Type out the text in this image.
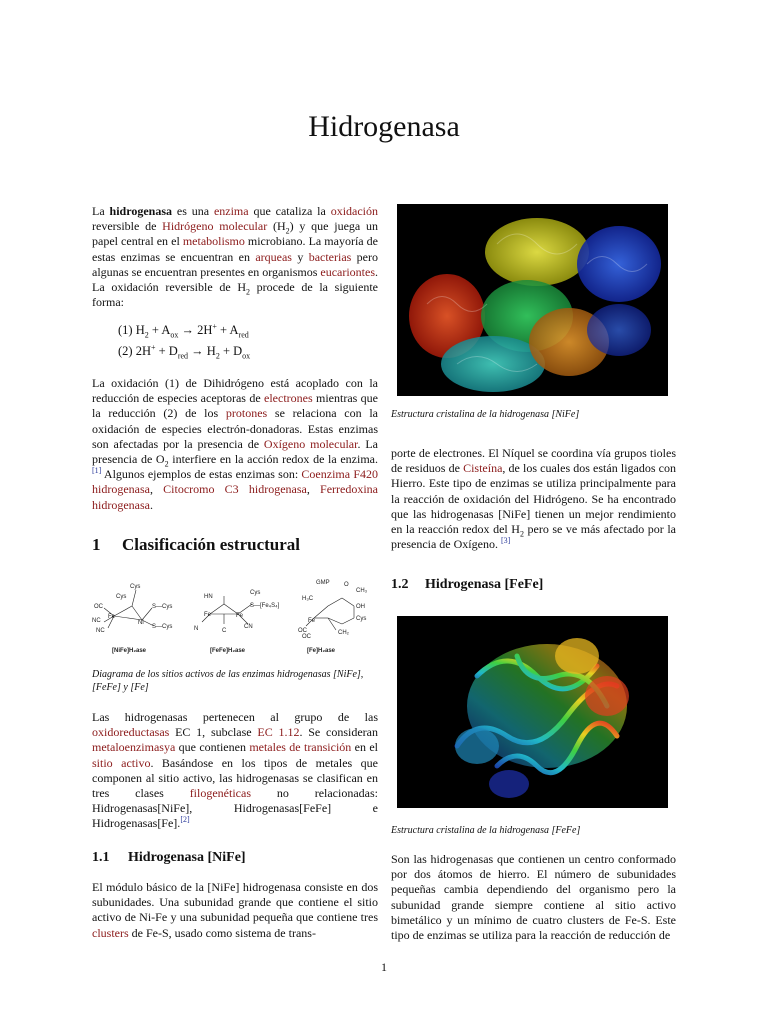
Hidrogenasa

La hidrogenasa es una enzima que cataliza la oxidación reversible de Hidrógeno molecular $(H_2)$ y que juega un papel central en el metabolismo microbiano. La mayoría de estas enzimas se encuentran en arqueas y bacterias pero algunas se encuentran presentes en organismos eucariontes. La oxidación reversible de $H_2$ procede de la siguiente forma:

(1) $H_2 + A_{ox} \to 2H^+ + A_{red}$
(2) $2H^+ + D_{red} \to H_2 + D_{ox}$

La oxidación (1) de Dihidrógeno está acoplado con la reducción de especies aceptoras de electrones mientras que la reducción (2) de los protones se relaciona con la oxidación de especies electrón-donadoras. Estas enzimas son afectadas por la presencia de Oxígeno molecular. La presencia de $O_2$ interfiere en la acción redox de la enzima.[1] Algunos ejemplos de estas enzimas son: Coenzima F420 hidrogenasa, Citocromo C3 hidrogenasa, Ferredoxina hidrogenasa.

1 Clasificación estructural
Fe
Ni
Cys
Cys
S—Cys
S—Cys
OC
NC
NC
[NiFe]H₂ase
Fe	Fe
HN
Cys
S—[Fe₄S₄]
CN
N	C
[FeFe]H₂ase
GMP O
CH₃
H₃C
OH
Cys
Fe
CH₂
OC
OC
[Fe]H₂ase
Diagrama de los sitios activos de las enzimas hidrogenasas [NiFe], [FeFe] y [Fe]

Las hidrogenasas pertenecen al grupo de las oxidoreductasas EC 1, subclase EC 1.12. Se consideran metaloenzimasya que contienen metales de transición en el sitio activo. Basándose en los tipos de metales que componen al sitio activo, las hidrogenasas se clasifican en tres clases filogenéticas no relacionadas: Hidrogenasas[NiFe], Hidrogenasas[FeFe] e Hidrogenasas[Fe].[2]

1.1 Hidrogenasa [NiFe]

El módulo básico de la [NiFe] hidrogenasa consiste en dos subunidades. Una subunidad grande que contiene el sitio activo de Ni-Fe y una subunidad pequeña que contiene tres clusters de Fe-S, usado como sistema de trans-

Estructura cristalina de la hidrogenasa [NiFe]

porte de electrones. El Níquel se coordina vía grupos tioles de residuos de Cisteína, de los cuales dos están ligados con Hierro. Este tipo de enzimas se utiliza principalmente para la reacción de oxidación del Hidrógeno. Se ha encontrado que las hidrogenasas [NiFe] tienen un mejor rendimiento en la reacción redox del $H_2$ pero se ve más afectado por la presencia de Oxígeno. [3]

1.2 Hidrogenasa [FeFe]
Estructura cristalina de la hidrogenasa [FeFe]

Son las hidrogenasas que contienen un centro conformado por dos átomos de hierro. El número de subunidades pequeñas cambia dependiendo del organismo pero la subunidad grande siempre contiene al sitio activo bimetálico y un mínimo de cuatro clusters de Fe-S. Este tipo de enzimas se utiliza para la reacción de reducción de

1
